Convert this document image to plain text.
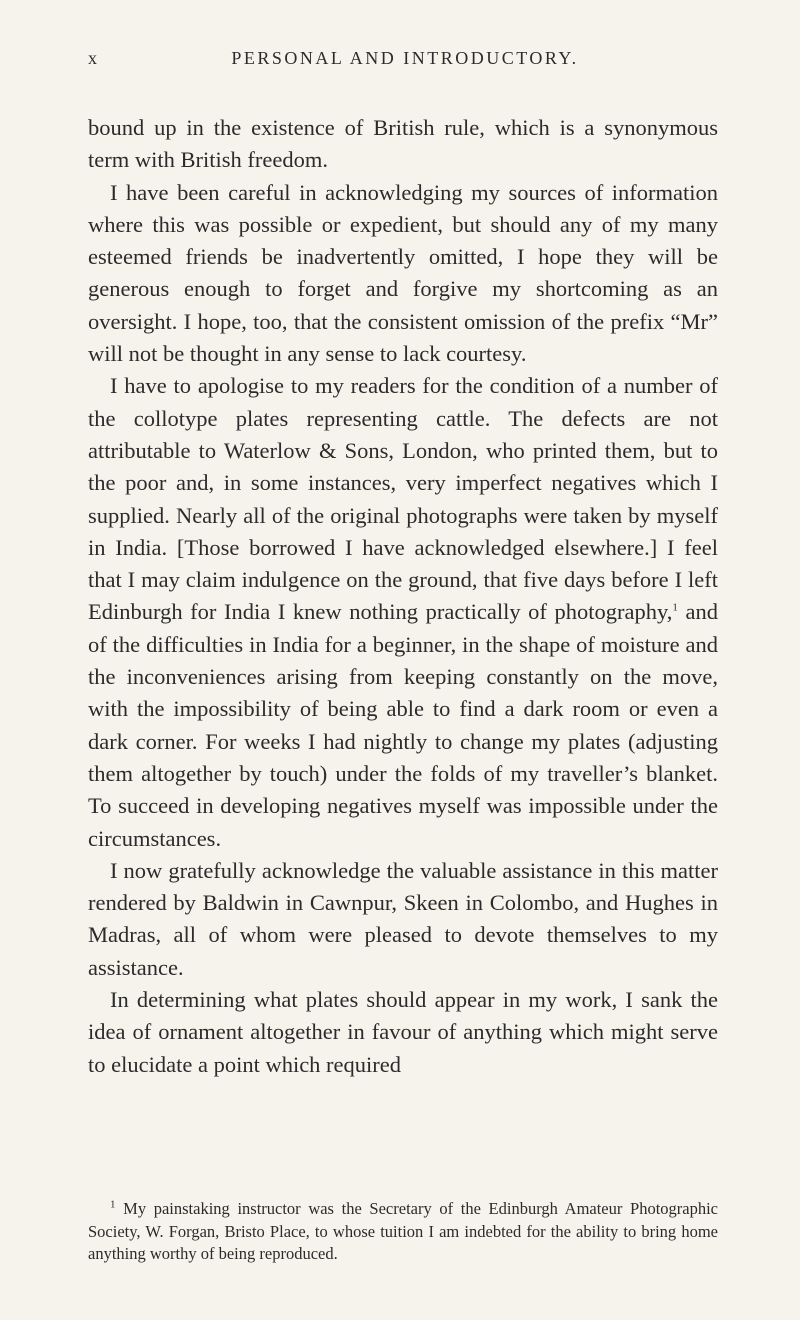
x	PERSONAL AND INTRODUCTORY.

bound up in the existence of British rule, which is a synonymous term with British freedom.

I have been careful in acknowledging my sources of information where this was possible or expedient, but should any of my many esteemed friends be inadvertently omitted, I hope they will be generous enough to forget and forgive my shortcoming as an oversight. I hope, too, that the consistent omission of the prefix “Mr” will not be thought in any sense to lack courtesy.

I have to apologise to my readers for the condition of a number of the collotype plates representing cattle. The defects are not attributable to Waterlow & Sons, London, who printed them, but to the poor and, in some instances, very imperfect negatives which I supplied. Nearly all of the original photographs were taken by myself in India. [Those borrowed I have acknowledged elsewhere.] I feel that I may claim indulgence on the ground, that five days before I left Edinburgh for India I knew nothing practically of photography,$^1$ and of the difficulties in India for a beginner, in the shape of moisture and the inconveniences arising from keeping constantly on the move, with the impossibility of being able to find a dark room or even a dark corner. For weeks I had nightly to change my plates (adjusting them altogether by touch) under the folds of my traveller’s blanket. To succeed in developing negatives myself was impossible under the circumstances.

I now gratefully acknowledge the valuable assistance in this matter rendered by Baldwin in Cawnpur, Skeen in Colombo, and Hughes in Madras, all of whom were pleased to devote themselves to my assistance.

In determining what plates should appear in my work, I sank the idea of ornament altogether in favour of anything which might serve to elucidate a point which required

$^1$ My painstaking instructor was the Secretary of the Edinburgh Amateur Photographic Society, W. Forgan, Bristo Place, to whose tuition I am indebted for the ability to bring home anything worthy of being reproduced.
